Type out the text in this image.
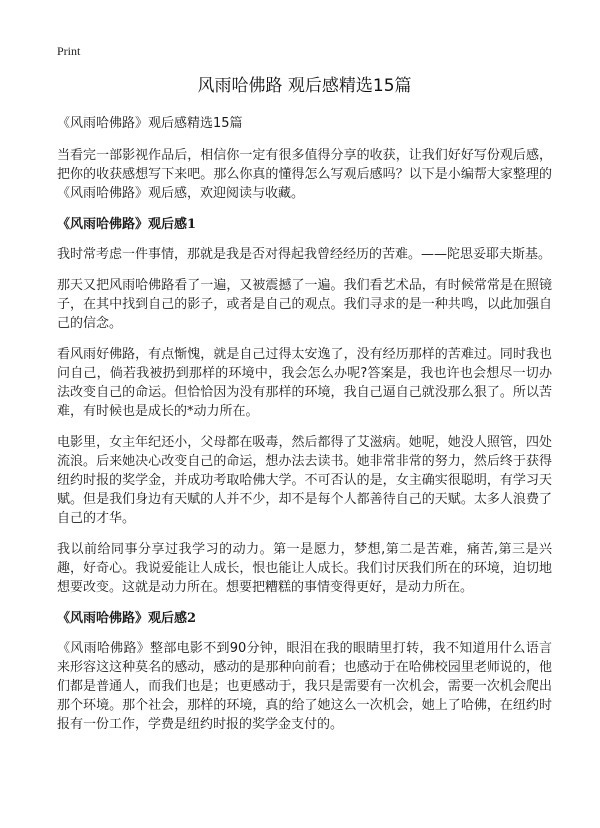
Print
风雨哈佛路 观后感精选15篇

《风雨哈佛路》观后感精选15篇

当看完一部影视作品后，相信你一定有很多值得分享的收获，让我们好好写份观后感，把你的收获感想写下来吧。那么你真的懂得怎么写观后感吗？以下是小编帮大家整理的《风雨哈佛路》观后感，欢迎阅读与收藏。

《风雨哈佛路》观后感1

我时常考虑一件事情，那就是我是否对得起我曾经经历的苦难。——陀思妥耶夫斯基。

那天又把风雨哈佛路看了一遍，又被震撼了一遍。我们看艺术品，有时候常常是在照镜子，在其中找到自己的影子，或者是自己的观点。我们寻求的是一种共鸣，以此加强自己的信念。

看风雨好佛路，有点惭愧，就是自己过得太安逸了，没有经历那样的苦难过。同时我也问自己，倘若我被扔到那样的环境中，我会怎么办呢?答案是，我也许也会想尽一切办法改变自己的命运。但恰恰因为没有那样的环境，我自己逼自己就没那么狠了。所以苦难，有时候也是成长的*动力所在。

电影里，女主年纪还小，父母都在吸毒，然后都得了艾滋病。她呢，她没人照管，四处流浪。后来她决心改变自己的命运，想办法去读书。她非常非常的努力，然后终于获得纽约时报的奖学金，并成功考取哈佛大学。不可否认的是，女主确实很聪明，有学习天赋。但是我们身边有天赋的人并不少，却不是每个人都善待自己的天赋。太多人浪费了自己的才华。

我以前给同事分享过我学习的动力。第一是愿力，梦想,第二是苦难，痛苦,第三是兴趣，好奇心。我说爱能让人成长，恨也能让人成长。我们讨厌我们所在的环境，迫切地想要改变。这就是动力所在。想要把糟糕的事情变得更好，是动力所在。

《风雨哈佛路》观后感2

《风雨哈佛路》整部电影不到90分钟，眼泪在我的眼睛里打转，我不知道用什么语言来形容这这种莫名的感动，感动的是那种向前看；也感动于在哈佛校园里老师说的，他们都是普通人，而我们也是；也更感动于，我只是需要有一次机会，需要一次机会爬出那个环境。那个社会，那样的环境，真的给了她这么一次机会，她上了哈佛，在纽约时报有一份工作，学费是纽约时报的奖学金支付的。
